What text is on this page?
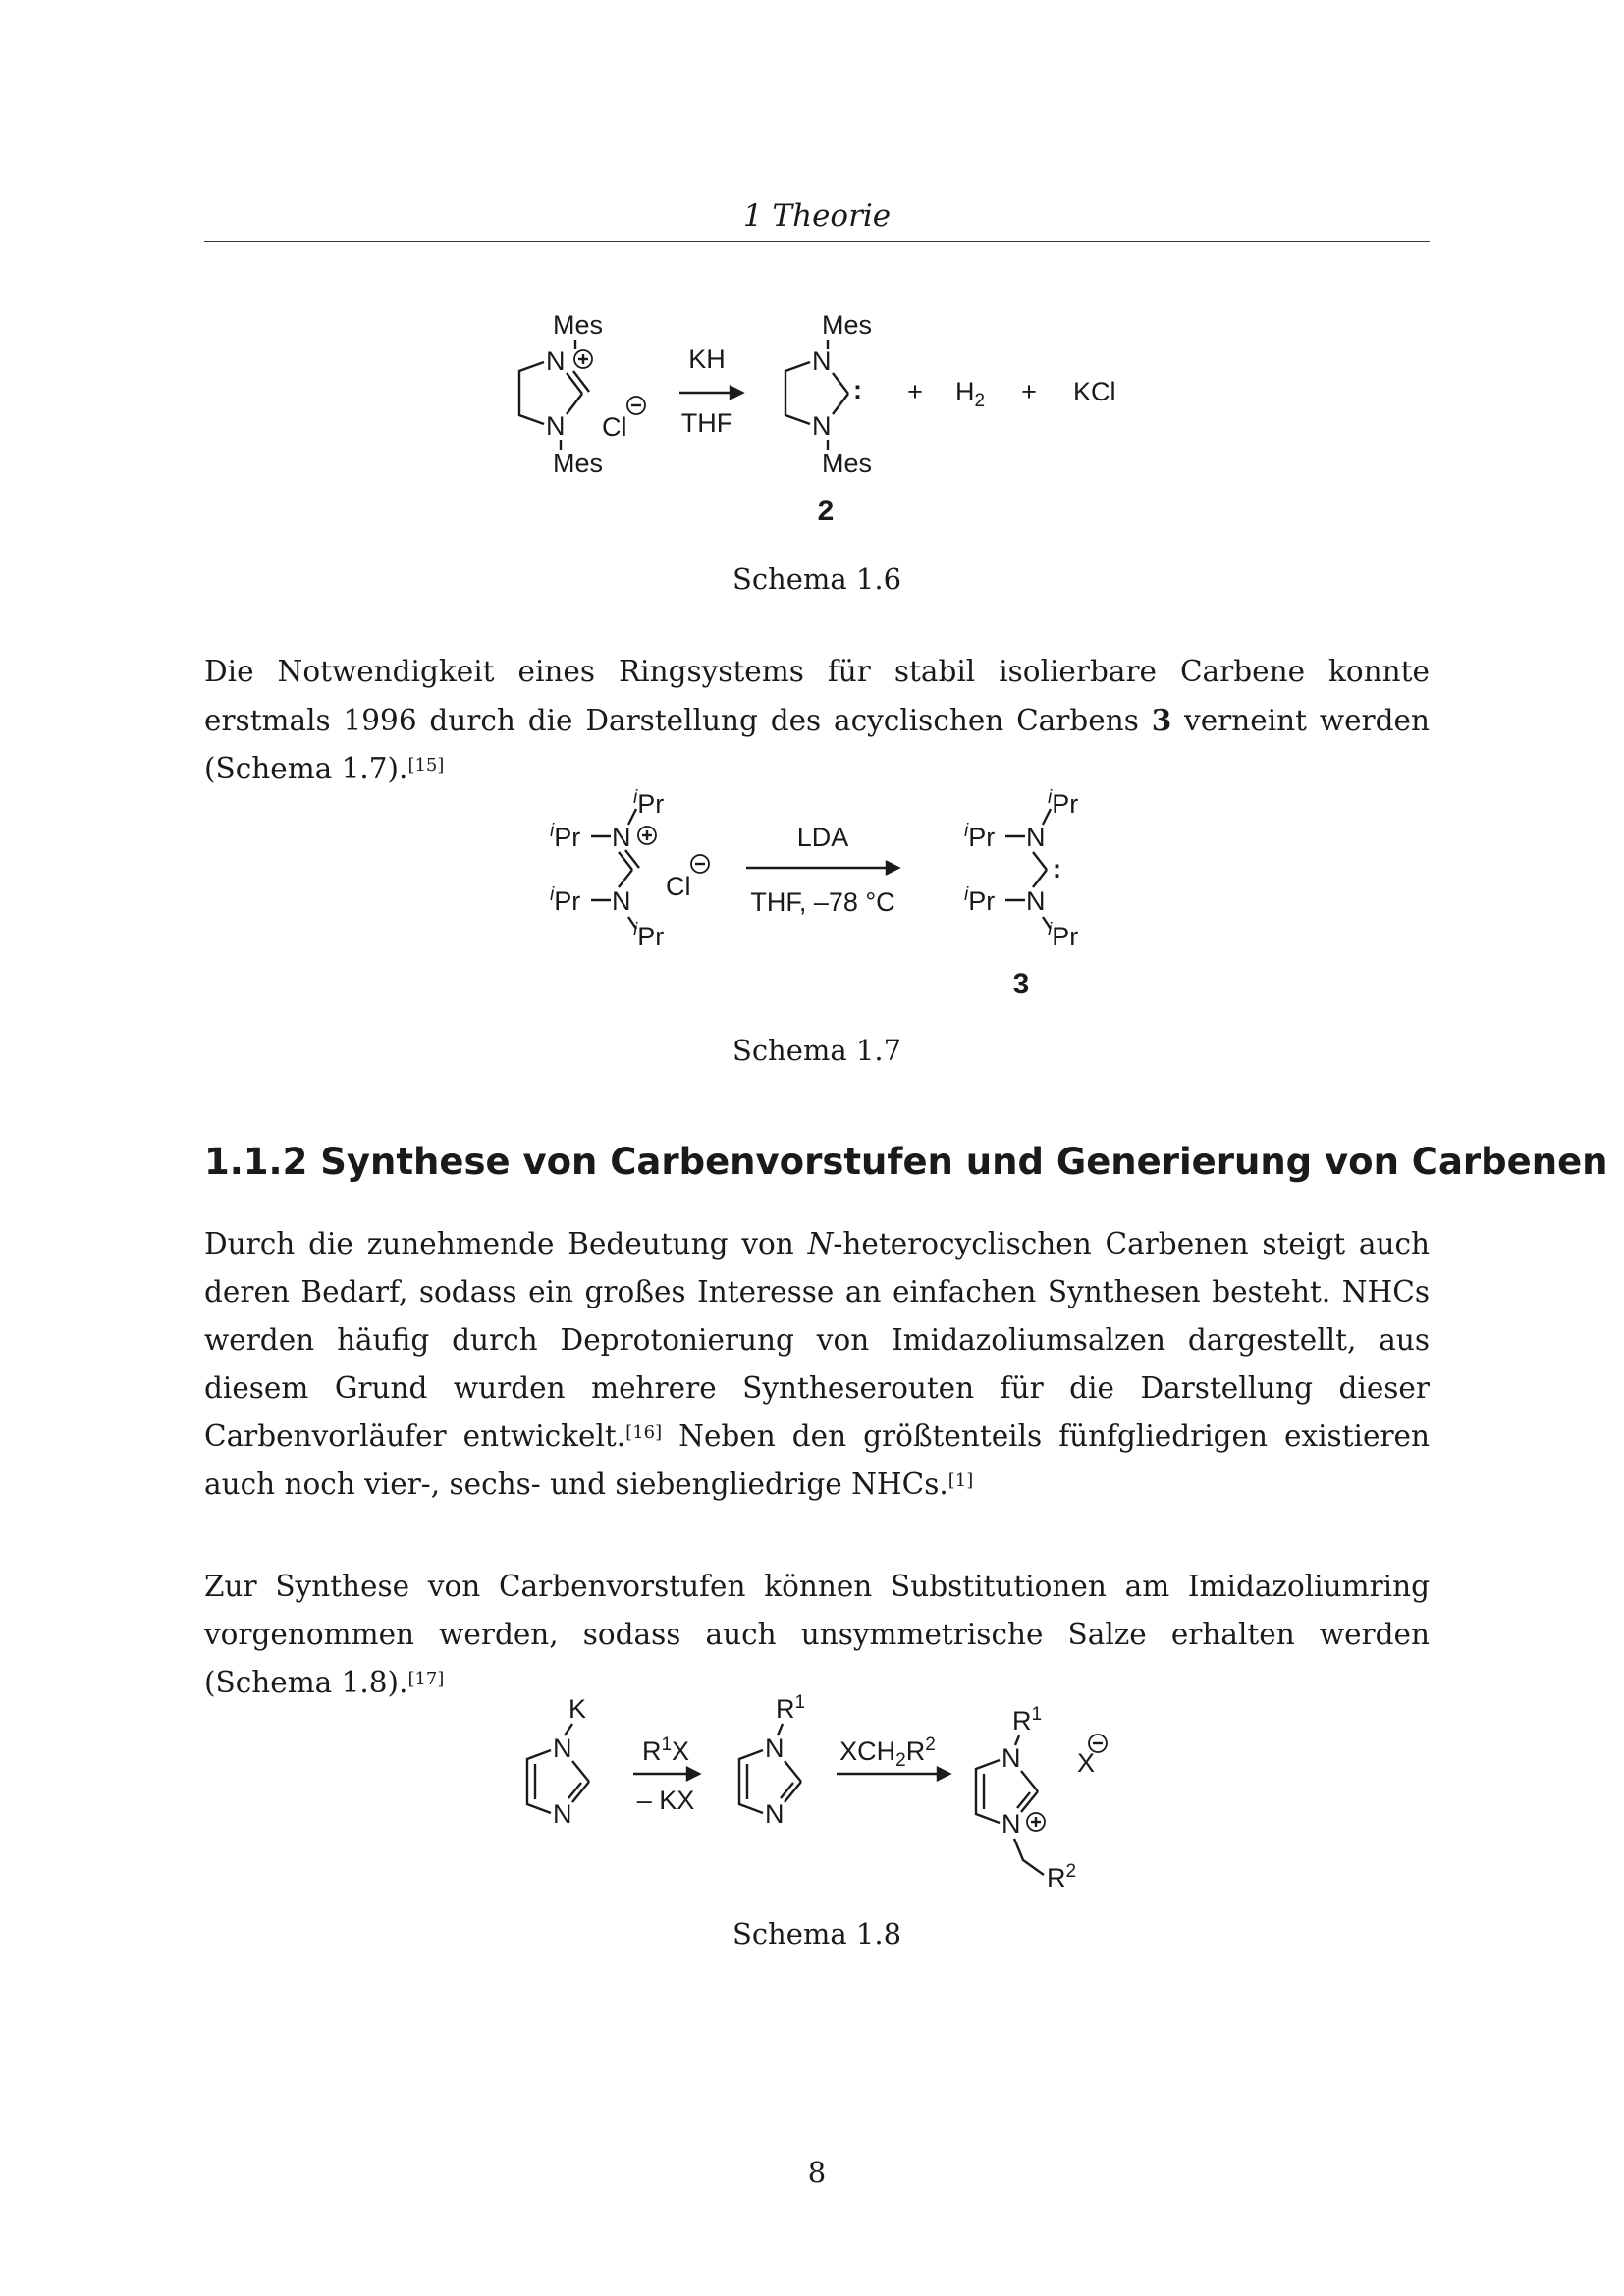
1 Theorie
Mes
N
N
Mes
Cl
KH
THF
Mes
N
:
N
Mes
2
+ $H_2$ + KCl
Schema 1.6

Die Notwendigkeit eines Ringsystems für stabil isolierbare Carbene konnte erstmals 1996 durch die Darstellung des acyclischen Carbens 3 verneint werden (Schema 1.7).[15]

$^i$Pr
$^i$Pr N
Cl
$^i$Pr N
$^i$Pr
LDA
THF, –78 °C
$^i$Pr
$^i$Pr N
:
$^i$Pr N
$^i$Pr
3
Schema 1.7
1.1.2 Synthese von Carbenvorstufen und Generierung von Carbenen

Durch die zunehmende Bedeutung von N-heterocyclischen Carbenen steigt auch deren Bedarf, sodass ein großes Interesse an einfachen Synthesen besteht. NHCs werden häufig durch Deprotonierung von Imidazoliumsalzen dargestellt, aus diesem Grund wurden mehrere Syntheserouten für die Darstellung dieser Carbenvorläufer entwickelt.[16] Neben den größtenteils fünfgliedrigen existieren auch noch vier-, sechs- und siebengliedrige NHCs.[1]

Zur Synthese von Carbenvorstufen können Substitutionen am Imidazoliumring vorgenommen werden, sodass auch unsymmetrische Salze erhalten werden (Schema 1.8).[17]

K
N
N
$R^1X$
– KX
$R^1$
N
N
$XCH_2R^2$
$R^1$
N
N
$R^2$
X
Schema 1.8
8
